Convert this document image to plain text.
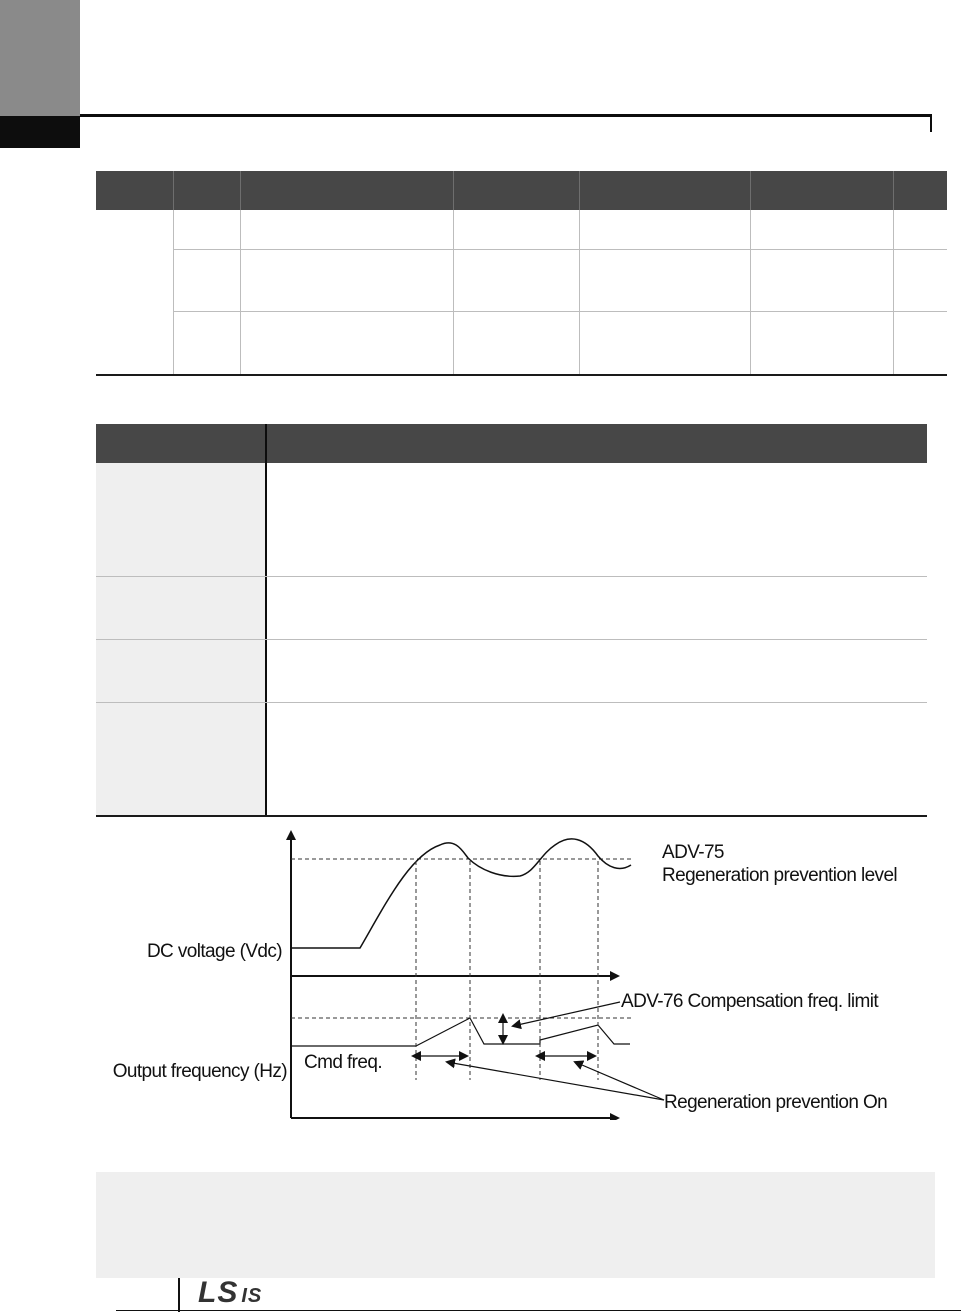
DC voltage (Vdc)
Output frequency (Hz) Cmd freq.
ADV-75
Regeneration prevention level
ADV-76 Compensation freq. limit
Regeneration prevention On
LS IS
